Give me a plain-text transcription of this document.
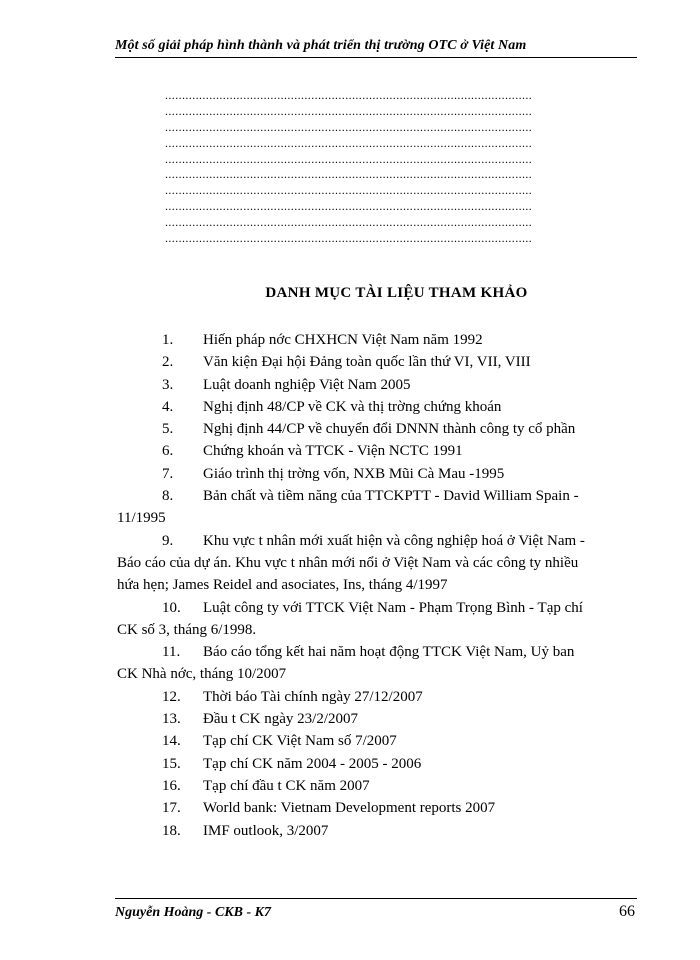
Một số giải pháp hình thành và phát triển thị trường OTC ở Việt Nam
............................................................................................................
............................................................................................................
............................................................................................................
............................................................................................................
............................................................................................................
............................................................................................................
............................................................................................................
............................................................................................................
............................................................................................................
............................................................................................................
DANH MỤC TÀI LIỆU THAM KHẢO
1.	Hiến pháp nớc CHXHCN Việt Nam năm 1992
2.	Văn kiện Đại hội Đảng toàn quốc lần thứ VI, VII, VIII
3.	Luật doanh nghiệp Việt Nam 2005
4.	Nghị định 48/CP về CK và thị trờng chứng khoán
5.	Nghị định 44/CP về chuyển đổi DNNN thành công ty cổ phần
6.	Chứng khoán và TTCK - Viện NCTC 1991
7.	Giáo trình thị trờng vốn, NXB Mũi Cà Mau -1995
8.	Bản chất và tiềm năng của TTCKPTT - David William Spain -
11/1995
9.	Khu vực t nhân mới xuất hiện và công nghiệp hoá ở Việt Nam -
Báo cáo của dự án. Khu vực t nhân mới nổi ở Việt Nam và các công ty nhiều
hứa hẹn; James Reidel and asociates, Ins, tháng 4/1997
10.	Luật công ty với TTCK Việt Nam - Phạm Trọng Bình - Tạp chí
CK số 3, tháng 6/1998.
11.	Báo cáo tổng kết hai năm hoạt động TTCK Việt Nam, Uỷ ban
CK Nhà nớc, tháng 10/2007
12.	Thời báo Tài chính ngày 27/12/2007
13.	Đầu t CK ngày 23/2/2007
14.	Tạp chí CK Việt Nam số 7/2007
15.	Tạp chí CK năm 2004 - 2005 - 2006
16.	Tạp chí đầu t CK năm 2007
17.	World bank: Vietnam Development reports 2007
18.	IMF outlook, 3/2007
Nguyễn Hoàng - CKB - K7	66
